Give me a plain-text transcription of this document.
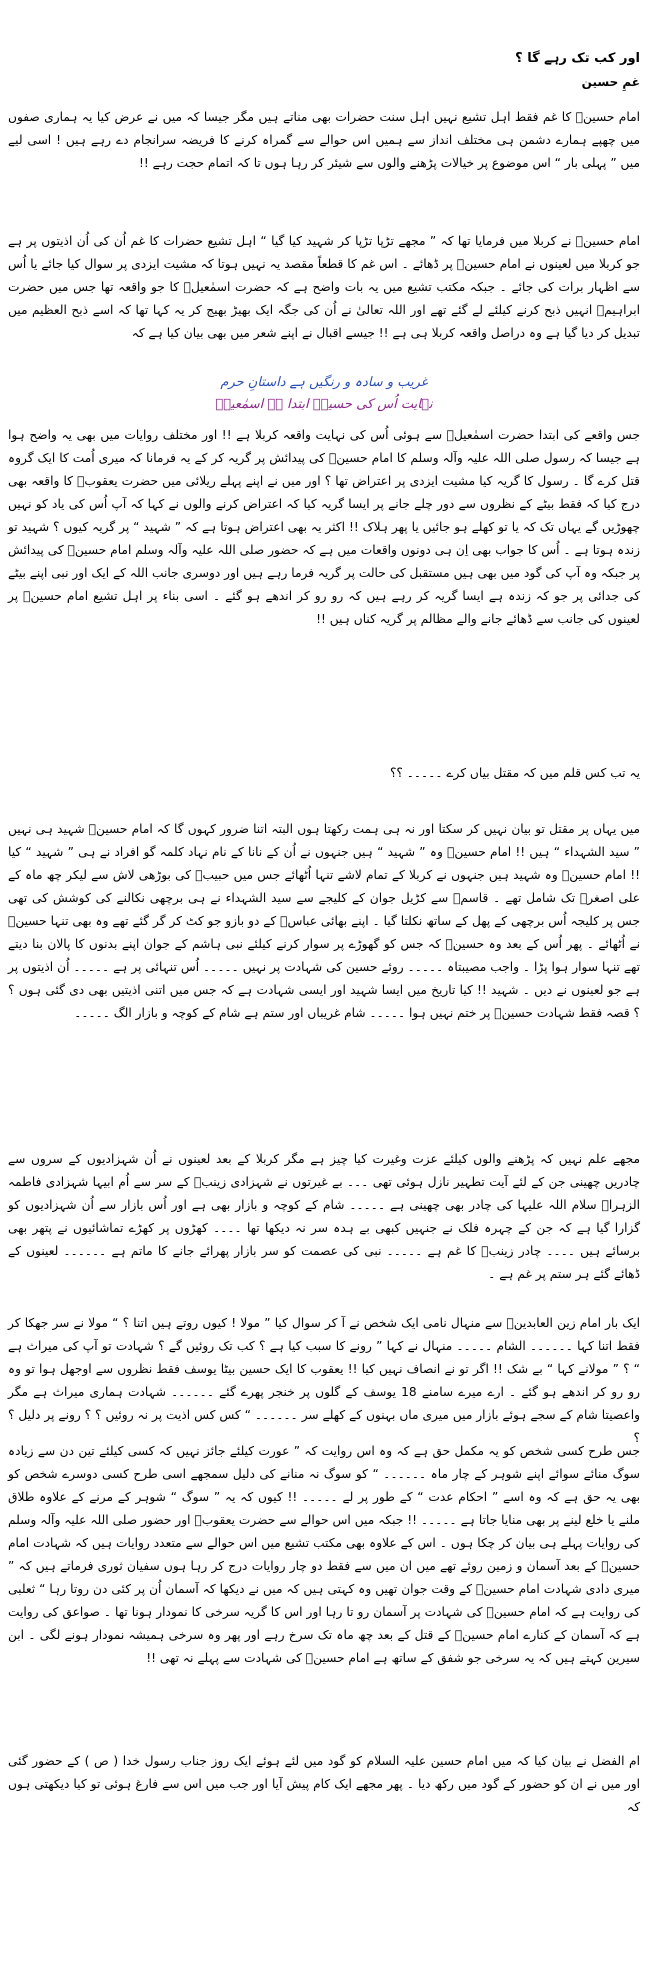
اور کب تک رہے گا ؟
غمِ حسین

امام حسینؑ کا غم فقط اہل تشیع نہیں اہل سنت حضرات بھی مناتے ہیں مگر جیسا کہ میں نے عرض کیا یہ ہماری صفوں میں چھپے ہمارے دشمن ہی مختلف انداز سے ہمیں اس حوالے سے گمراہ کرنے کا فریضہ سرانجام دے رہے ہیں ! اسی لیے میں ” پہلی بار “ اس موضوع پر خیالات پڑھنے والوں سے شیئر کر رہا ہوں تا کہ اتمام حجت رہے !!

امام حسینؑ نے کربلا میں فرمایا تھا کہ ” مجھے تڑپا تڑپا کر شہید کیا گیا “ اہل تشیع حضرات کا غم اُن کی اُن اذیتوں پر ہے جو کربلا میں لعینوں نے امام حسینؑ پر ڈھائے ۔ اس غم کا قطعاً مقصد یہ نہیں ہوتا کہ مشیت ایزدی پر سوال کیا جائے یا اُس سے اظہار برات کی جائے ۔ جبکہ مکتب تشیع میں یہ بات واضح ہے کہ حضرت اسمٰعیلؑ کا جو واقعہ تھا جس میں حضرت ابراہیمؑ انہیں ذبح کرنے کیلئے لے گئے تھے اور اللہ تعالیٰ نے اُن کی جگہ ایک بھیڑ بھیج کر یہ کہا تھا کہ اسے ذبح العظیم میں تبدیل کر دیا گیا ہے وہ دراصل واقعہ کربلا ہی ہے !! جیسے اقبال نے اپنے شعر میں بھی بیان کیا ہے کہ

غریب و سادہ و رنگیں ہے داستانِ حرم
نہایت اُس کی حسینؑ ابتدا ہے اسمٰعیلؑ

جس واقعے کی ابتدا حضرت اسمٰعیلؑ سے ہوئی اُس کی نہایت واقعہ کربلا ہے !! اور مختلف روایات میں بھی یہ واضح ہوا ہے جیسا کہ رسول صلی اللہ علیہ وآلہ وسلم کا امام حسینؑ کی پیدائش پر گریہ کر کے یہ فرمانا کہ میری اُمت کا ایک گروہ قتل کرے گا ۔ رسول کا گریہ کیا مشیت ایزدی پر اعتراض تھا ؟ اور میں نے اپنے پہلے ریلائی میں حضرت یعقوبؑ کا واقعہ بھی درج کیا کہ فقط بیٹے کے نظروں سے دور چلے جانے پر ایسا گریہ کیا کہ اعتراض کرنے والوں نے کہا کہ آپ اُس کی یاد کو نہیں چھوڑیں گے یہاں تک کہ یا تو کھلے ہو جائیں یا پھر ہلاک !! اکثر یہ بھی اعتراض ہوتا ہے کہ ” شہید “ پر گریہ کیوں ؟ شہید تو زندہ ہوتا ہے ۔ اُس کا جواب بھی اِن ہی دونوں واقعات میں ہے کہ حضور صلی اللہ علیہ وآلہ وسلم امام حسینؑ کی پیدائش پر جبکہ وہ آپ کی گود میں بھی ہیں مستقبل کی حالت پر گریہ فرما رہے ہیں اور دوسری جانب اللہ کے ایک اور نبی اپنے بیٹے کی جدائی پر جو کہ زندہ ہے ایسا گریہ کر رہے ہیں کہ رو رو کر اندھے ہو گئے ۔ اسی بناء پر اہل تشیع امام حسینؑ پر لعینوں کی جانب سے ڈھائے جانے والے مظالم پر گریہ کناں ہیں !!

یہ تب کس قلم میں کہ مقتل بیاں کرے ۔۔۔۔۔ ؟؟

میں یہاں پر مقتل تو بیان نہیں کر سکتا اور نہ ہی ہمت رکھتا ہوں البتہ اتنا ضرور کہوں گا کہ امام حسینؑ شہید ہی نہیں ” سید الشہداء “ ہیں !! امام حسینؑ وہ ” شہید “ ہیں جنہوں نے اُن کے نانا کے نام نہاد کلمہ گو افراد نے ہی ” شہید “ کیا !! امام حسینؑ وہ شہید ہیں جنہوں نے کربلا کے تمام لاشے تنہا اُٹھائے جس میں حبیبؑ کی بوڑھی لاش سے لیکر چھ ماہ کے علی اصغرؑ تک شامل تھے ۔ قاسمؑ سے کڑیل جوان کے کلیجے سے سید الشہداء نے ہی برچھی نکالنے کی کوشش کی تھی جس پر کلیجہ اُس برچھی کے پھل کے ساتھ نکلتا گیا ۔ اپنے بھائی عباسؑ کے دو بازو جو کٹ کر گر گئے تھے وہ بھی تنہا حسینؑ نے اُٹھائے ۔ پھر اُس کے بعد وہ حسینؑ کہ جس کو گھوڑے پر سوار کرنے کیلئے نبی ہاشم کے جوان اپنے بدنوں کا پالان بنا دیتے تھے تنہا سوار ہوا پڑا ۔ واجب مصیبتاہ ۔۔۔۔۔ روئے حسین کی شہادت پر نہیں ۔۔۔۔۔ اُس تنہائی پر ہے ۔۔۔۔۔ اُن اذیتوں پر ہے جو لعینوں نے دیں ۔ شہید !! کیا تاریخ میں ایسا شہید اور ایسی شہادت ہے کہ جس میں اتنی اذیتیں بھی دی گئی ہوں ؟ ؟ قصہ فقط شہادت حسینؑ پر ختم نہیں ہوا ۔۔۔۔۔ شام غریباں اور ستم ہے شام کے کوچہ و بازار الگ ۔۔۔۔۔

مجھے علم نہیں کہ پڑھنے والوں کیلئے عزت وغیرت کیا چیز ہے مگر کربلا کے بعد لعینوں نے اُن شہزادیوں کے سروں سے چادریں چھینی جن کے لئے آیت تطہیر نازل ہوئی تھی ۔۔۔ بے غیرتوں نے شہزادی زینبؑ کے سر سے اُم ابیہا شہزادی فاطمہ الزہراؑ سلام اللہ علیہا کی چادر بھی چھینی ہے ۔۔۔۔۔ شام کے کوچہ و بازار بھی ہے اور اُس بازار سے اُن شہزادیوں کو گزارا گیا ہے کہ جن کے چہرہ فلک نے جنہیں کبھی بے ہدہ سر نہ دیکھا تھا ۔۔۔۔ کھڑوں پر کھڑے تماشائیوں نے پتھر بھی برسائے ہیں ۔۔۔۔ چادر زینبؑ کا غم ہے ۔۔۔۔۔ نبی کی عصمت کو سر بازار پھرائے جانے کا ماتم ہے ۔۔۔۔۔۔ لعینوں کے ڈھائے گئے ہر ستم پر غم ہے ۔

ایک بار امام زین العابدینؑ سے منہال نامی ایک شخص نے آ کر سوال کیا ” مولا ! کیوں روتے ہیں اتنا ؟ “ مولا نے سر جھکا کر فقط اتنا کہا ۔۔۔۔۔۔ الشام ۔۔۔۔۔ منہال نے کہا ” رونے کا سبب کیا ہے ؟ کب تک روئیں گے ؟ شہادت تو آپ کی میراث ہے “ ؟ ” مولانے کہا “ بے شک !! اگر تو نے انصاف نہیں کیا !! یعقوب کا ایک حسین بیٹا یوسف فقط نظروں سے اوجھل ہوا تو وہ رو رو کر اندھے ہو گئے ۔ ارے میرے سامنے 18 یوسف کے گلوں پر خنجر پھرے گئے ۔۔۔۔۔۔ شہادت ہماری میراث ہے مگر واعصیتا شام کے سجے ہوئے بازار میں میری ماں بہنوں کے کھلے سر ۔۔۔۔۔۔ “ کس کس اذیت پر نہ روئیں ؟ ؟ رونے پر دلیل ؟ ؟

جس طرح کسی شخص کو یہ مکمل حق ہے کہ وہ اس روایت کہ ” عورت کیلئے جائز نہیں کہ کسی کیلئے تین دن سے زیادہ سوگ منائے سوائے اپنے شوہر کے چار ماہ ۔۔۔۔۔۔ “ کو سوگ نہ منانے کی دلیل سمجھے اسی طرح کسی دوسرے شخص کو بھی یہ حق ہے کہ وہ اسے ” احکام عدت “ کے طور پر لے ۔۔۔۔۔ !! کیوں کہ یہ ” سوگ “ شوہر کے مرنے کے علاوہ طلاق ملنے یا خلع لینے پر بھی منایا جاتا ہے ۔۔۔۔۔ !! جبکہ میں اس حوالے سے حضرت یعقوبؑ اور حضور صلی اللہ علیہ وآلہ وسلم کی روایات پہلے ہی بیان کر چکا ہوں ۔ اس کے علاوہ بھی مکتب تشیع میں اس حوالے سے متعدد روایات ہیں کہ شہادت امام حسینؑ کے بعد آسمان و زمین روئے تھے میں ان میں سے فقط دو چار روایات درج کر رہا ہوں سفیان ثوری فرماتے ہیں کہ ” میری دادی شہادت امام حسینؑ کے وقت جوان تھیں وہ کہتی ہیں کہ میں نے دیکھا کہ آسمان اُن پر کئی دن روتا رہا “ ثعلبی کی روایت ہے کہ امام حسینؑ کی شہادت پر آسمان رو تا رہا اور اس کا گریہ سرخی کا نمودار ہونا تھا ۔ صواعق کی روایت ہے کہ آسمان کے کنارے امام حسینؑ کے قتل کے بعد چھ ماہ تک سرخ رہے اور پھر وہ سرخی ہمیشہ نمودار ہونے لگی ۔ ابن سیرین کہتے ہیں کہ یہ سرخی جو شفق کے ساتھ ہے امام حسینؑ کی شہادت سے پہلے نہ تھی !!

ام الفضل نے بیان کیا کہ میں امام حسین علیہ السلام کو گود میں لئے ہوئے ایک روز جناب رسول خدا ( ص ) کے حضور گئی اور میں نے ان کو حضور کے گود میں رکھ دیا ۔ پھر مجھے ایک کام پیش آیا اور جب میں اس سے فارغ ہوئی تو کیا دیکھتی ہوں کہ
